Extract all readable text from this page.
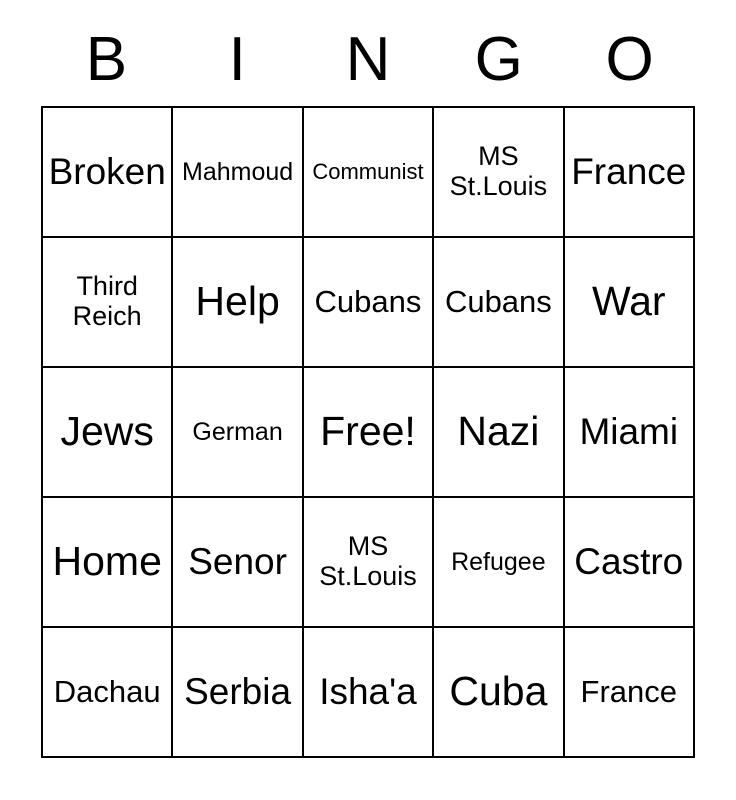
B	I	N	G	O
Broken	Mahmoud	Communist	MS St.Louis	France

Third Reich	Help	Cubans	Cubans	War

Jews	German	Free!	Nazi	Miami

Home	Senor	MS St.Louis	Refugee	Castro

Dachau	Serbia	Isha'a	Cuba	France
